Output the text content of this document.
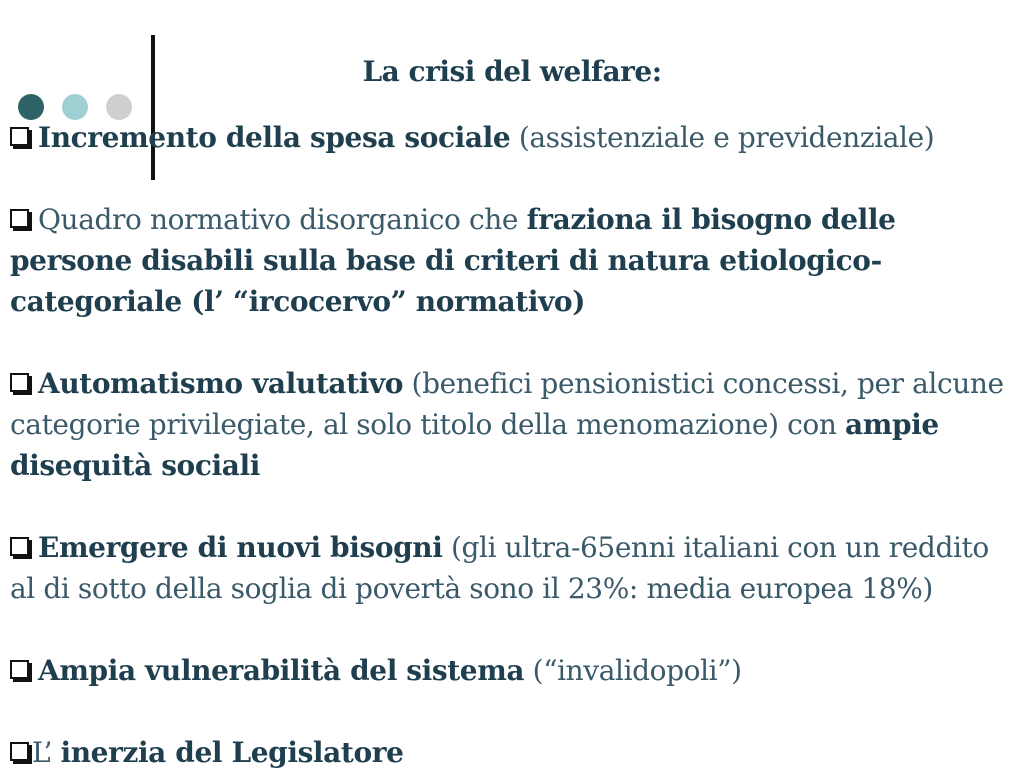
La crisi del welfare:
Incremento della spesa sociale (assistenziale e previdenziale)
Quadro normativo disorganico che fraziona il bisogno delle persone disabili sulla base di criteri di natura etiologico-categoriale (l’ “ircocervo” normativo)
Automatismo valutativo (benefici pensionistici concessi, per alcune categorie privilegiate, al solo titolo della menomazione) con ampie disequità sociali
Emergere di nuovi bisogni (gli ultra-65enni italiani con un reddito al di sotto della soglia di povertà sono il 23%: media europea 18%)
Ampia vulnerabilità del sistema (“invalidopoli”)
L’ inerzia del Legislatore
